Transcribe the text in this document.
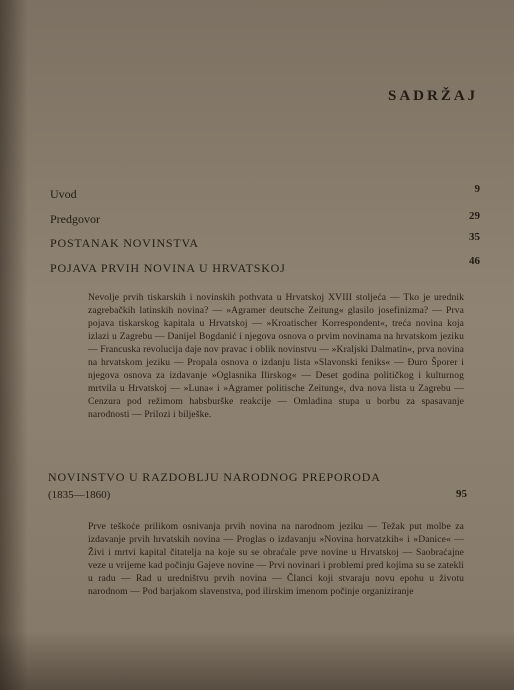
SADRŽAJ
Uvod	9
Predgovor	29
POSTANAK NOVINSTVA	35
POJAVA PRVIH NOVINA U HRVATSKOJ	46
Nevolje prvih tiskarskih i novinskih pothvata u Hrvatskoj XVIII stoljeća — Tko je urednik zagrebačkih latinskih novina? — »Agramer deutsche Zeitung« glasilo josefinizma? — Prva pojava tiskarskog kapitala u Hrvatskoj — »Kroatischer Korrespondent«, treća novina koja izlazi u Zagrebu — Danijel Bogdanić i njegova osnova o prvim novinama na hrvatskom jeziku — Francuska revolucija daje nov pravac i oblik novinstvu — »Kraljski Dalmatin«, prva novina na hrvatskom jeziku — Propala osnova o izdanju lista »Slavonski feniks« — Đuro Šporer i njegova osnova za izdavanje »Oglasnika Ilirskog« — Deset godina političkog i kulturnog mrtvila u Hrvatskoj — »Luna« i »Agramer politische Zeitung«, dva nova lista u Zagrebu — Cenzura pod režimom habsburške reakcije — Omladina stupa u borbu za spasavanje narodnosti — Prilozi i bilješke.
NOVINSTVO U RAZDOBLJU NARODNOG PREPORODA
(1835—1860)	95
Prve teškoće prilikom osnivanja prvih novina na narodnom jeziku — Težak put molbe za izdavanje prvih hrvatskih novina — Proglas o izdavanju »Novina horvatzkih« i »Danice« — Živi i mrtvi kapital čitatelja na koje su se obraćale prve novine u Hrvatskoj — Saobraćajne veze u vrijeme kad počinju Gajeve novine — Prvi novinari i problemi pred kojima su se zatekli u radu — Rad u uredništvu prvih novina — Članci koji stvaraju novu epohu u životu narodnom — Pod barjakom slavenstva, pod ilirskim imenom počinje organiziranje
